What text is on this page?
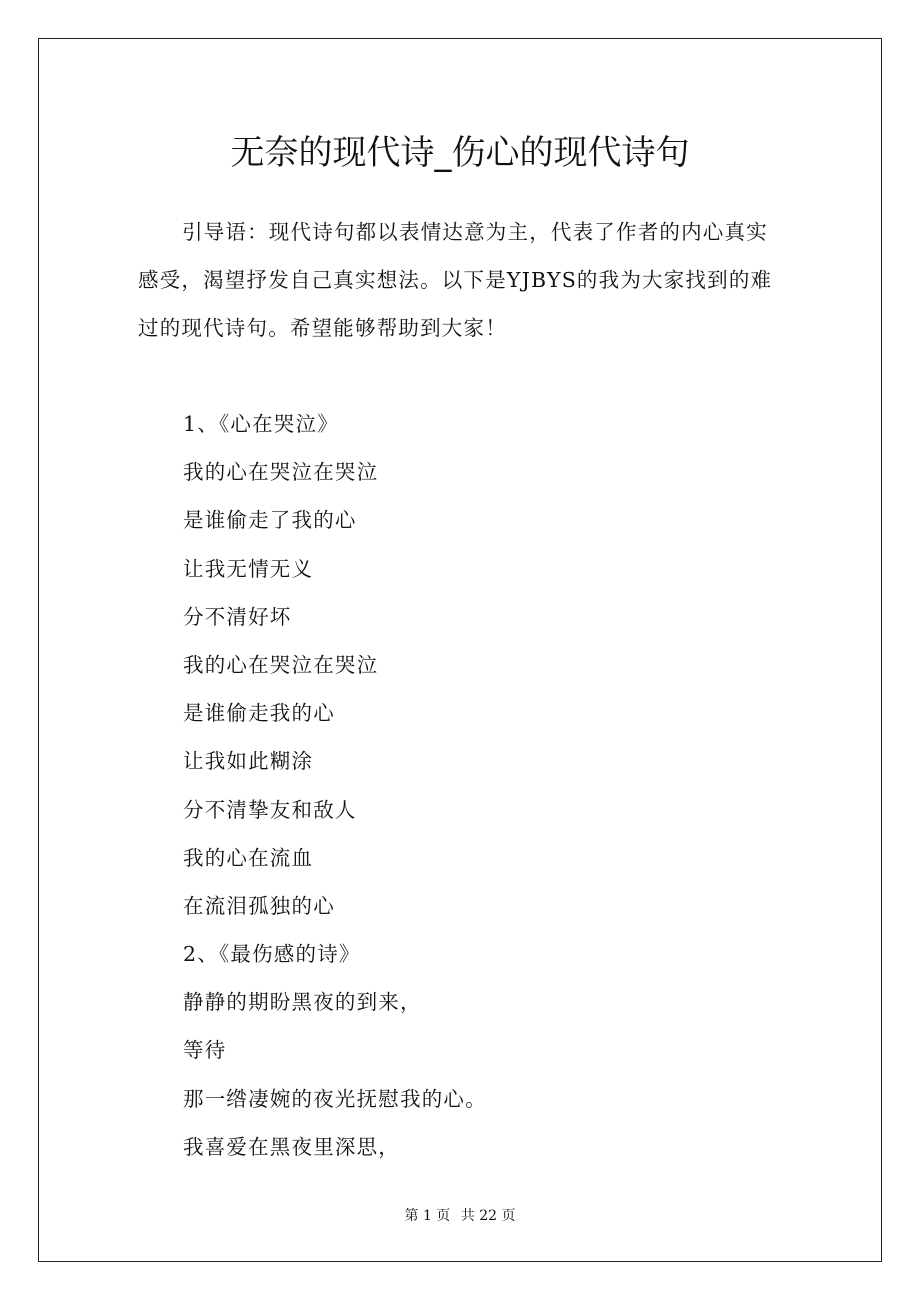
无奈的现代诗_伤心的现代诗句

引导语：现代诗句都以表情达意为主，代表了作者的内心真实感受，渴望抒发自己真实想法。以下是YJBYS的我为大家找到的难过的现代诗句。希望能够帮助到大家！

1、《心在哭泣》
我的心在哭泣在哭泣
是谁偷走了我的心
让我无情无义
分不清好坏
我的心在哭泣在哭泣
是谁偷走我的心
让我如此糊涂
分不清挚友和敌人
我的心在流血
在流泪孤独的心
2、《最伤感的诗》
静静的期盼黑夜的到来，
等待
那一绺凄婉的夜光抚慰我的心。
我喜爱在黑夜里深思，
第 1 页 共 22 页
